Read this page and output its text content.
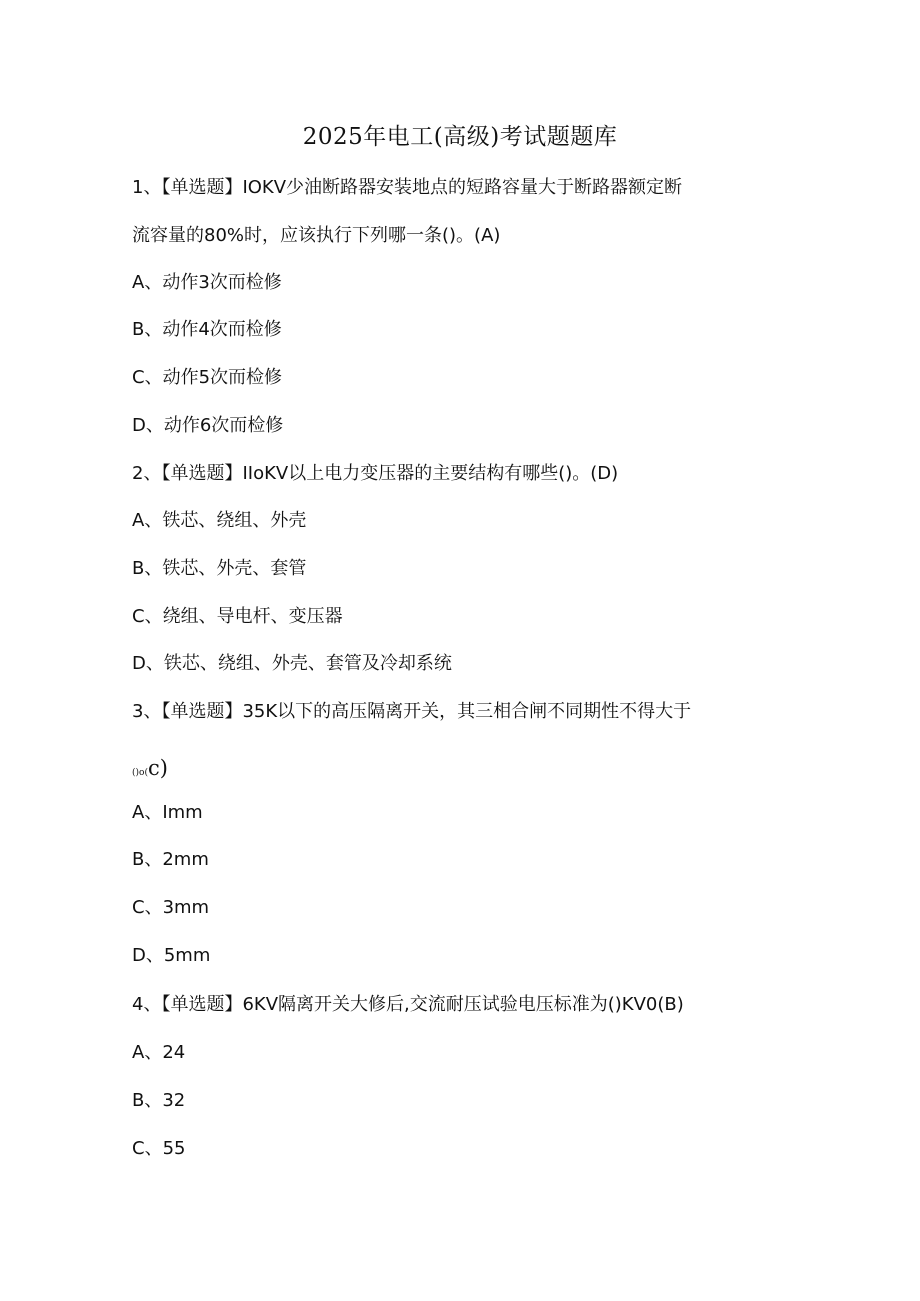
2025年电工(高级)考试题题库
1、【单选题】IOKV少油断路器安装地点的短路容量大于断路器额定断
流容量的80%时，应该执行下列哪一条()。(A)
A、动作3次而检修
B、动作4次而检修
C、动作5次而检修
D、动作6次而检修
2、【单选题】IIoKV以上电力变压器的主要结构有哪些()。(D)
A、铁芯、绕组、外壳
B、铁芯、外壳、套管
C、绕组、导电杆、变压器
D、铁芯、绕组、外壳、套管及冷却系统
3、【单选题】35K以下的高压隔离开关，其三相合闸不同期性不得大于
()o(c)
A、Imm
B、2mm
C、3mm
D、5mm
4、【单选题】6KV隔离开关大修后,交流耐压试验电压标准为()KV0(B)
A、24
B、32
C、55
